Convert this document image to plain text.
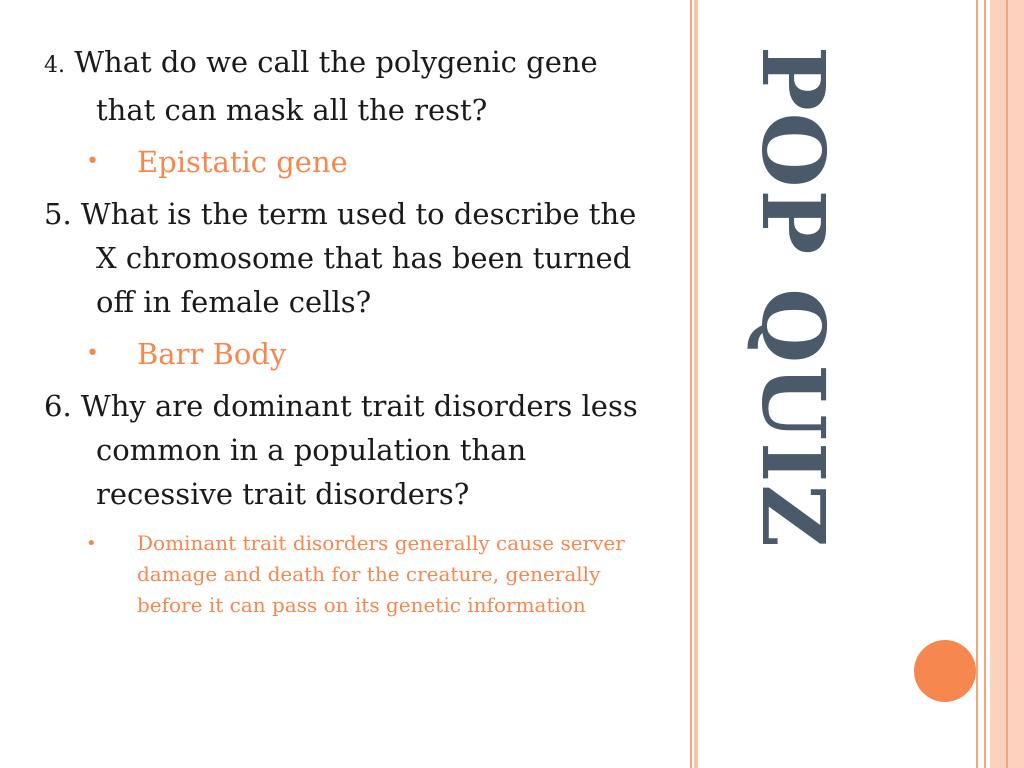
POP QUIZ

4. What do we call the polygenic gene that can mask all the rest?

• Epistatic gene

5. What is the term used to describe the X chromosome that has been turned off in female cells?

• Barr Body

6. Why are dominant trait disorders less common in a population than recessive trait disorders?

• Dominant trait disorders generally cause server damage and death for the creature, generally before it can pass on its genetic information
